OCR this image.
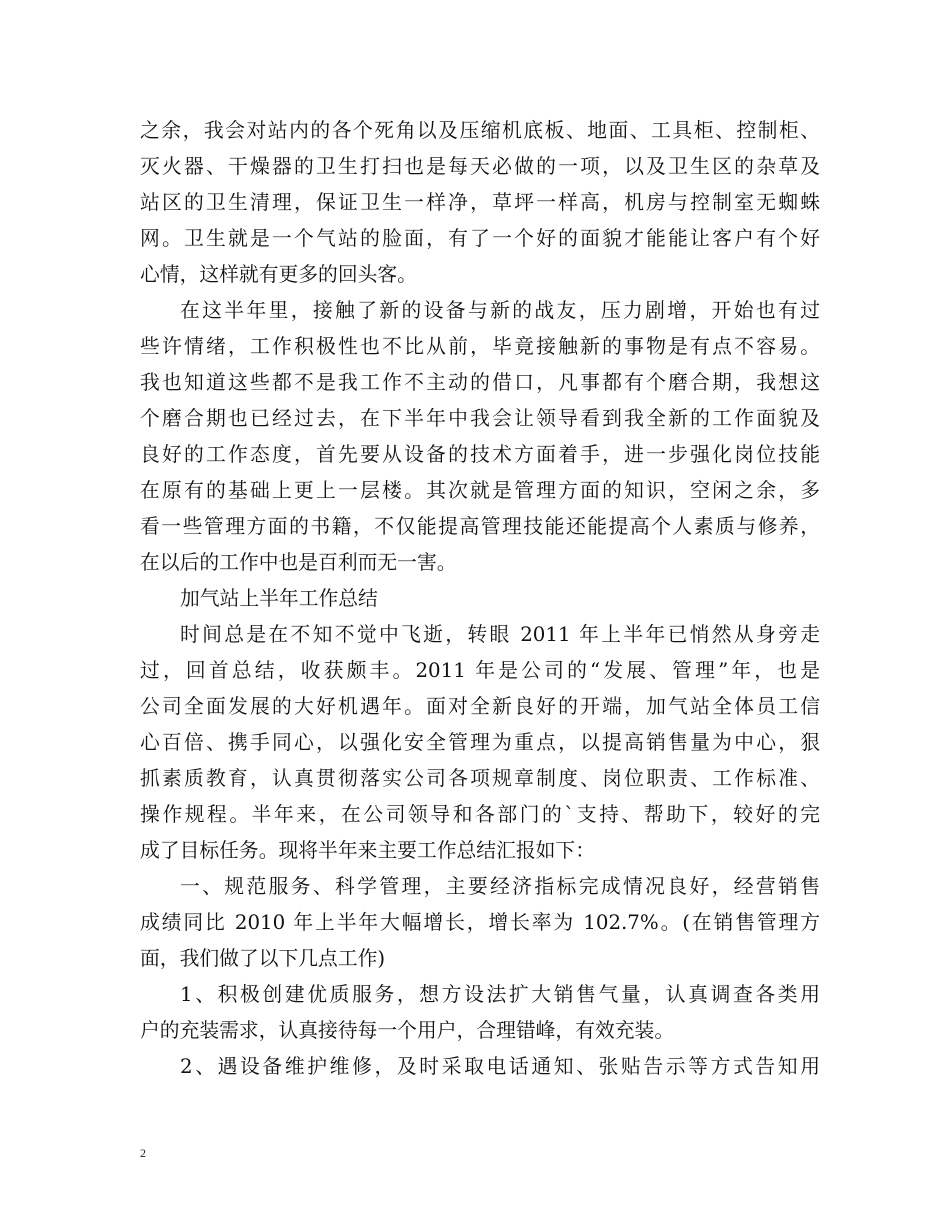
之余，我会对站内的各个死角以及压缩机底板、地面、工具柜、控制柜、
灭火器、干燥器的卫生打扫也是每天必做的一项，以及卫生区的杂草及
站区的卫生清理，保证卫生一样净，草坪一样高，机房与控制室无蜘蛛
网。卫生就是一个气站的脸面，有了一个好的面貌才能能让客户有个好
心情，这样就有更多的回头客。

在这半年里，接触了新的设备与新的战友，压力剧增，开始也有过
些许情绪，工作积极性也不比从前，毕竟接触新的事物是有点不容易。
我也知道这些都不是我工作不主动的借口，凡事都有个磨合期，我想这
个磨合期也已经过去，在下半年中我会让领导看到我全新的工作面貌及
良好的工作态度，首先要从设备的技术方面着手，进一步强化岗位技能
在原有的基础上更上一层楼。其次就是管理方面的知识，空闲之余，多
看一些管理方面的书籍，不仅能提高管理技能还能提高个人素质与修养，
在以后的工作中也是百利而无一害。

加气站上半年工作总结

时间总是在不知不觉中飞逝，转眼 2011 年上半年已悄然从身旁走
过，回首总结，收获颇丰。2011 年是公司的“发展、管理”年，也是
公司全面发展的大好机遇年。面对全新良好的开端，加气站全体员工信
心百倍、携手同心，以强化安全管理为重点，以提高销售量为中心，狠
抓素质教育，认真贯彻落实公司各项规章制度、岗位职责、工作标准、
操作规程。半年来，在公司领导和各部门的`支持、帮助下，较好的完
成了目标任务。现将半年来主要工作总结汇报如下：

一、规范服务、科学管理，主要经济指标完成情况良好，经营销售
成绩同比 2010 年上半年大幅增长，增长率为 102.7%。(在销售管理方
面，我们做了以下几点工作)

1、积极创建优质服务，想方设法扩大销售气量，认真调查各类用
户的充装需求，认真接待每一个用户，合理错峰，有效充装。

2、遇设备维护维修，及时采取电话通知、张贴告示等方式告知用

2
